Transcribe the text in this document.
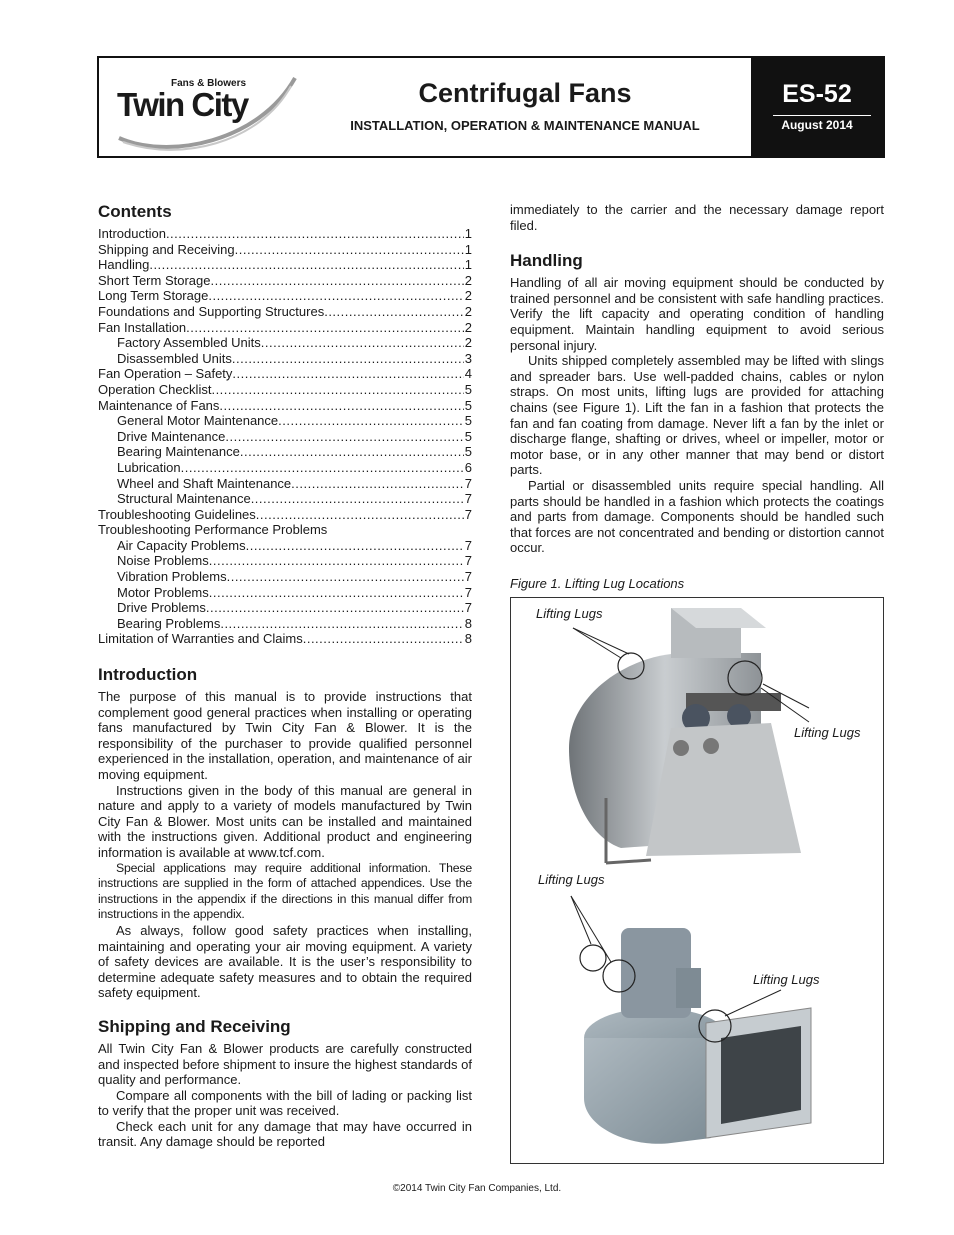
Fans & Blowers
Twin City	Centrifugal Fans
INSTALLATION, OPERATION & MAINTENANCE MANUAL
ES-52
August 2014
Contents
Introduction .....	1
Shipping and Receiving .....	1
Handling .....	1
Short Term Storage .....	2
Long Term Storage .....	2
Foundations and Supporting Structures .....	2
Fan Installation .....	2
Factory Assembled Units .....	2
Disassembled Units .....	3
Fan Operation – Safety .....	4
Operation Checklist .....	5
Maintenance of Fans .....	5
General Motor Maintenance .....	5
Drive Maintenance .....	5
Bearing Maintenance .....	5
Lubrication .....	6
Wheel and Shaft Maintenance .....	7
Structural Maintenance .....	7
Troubleshooting Guidelines .....	7
Troubleshooting Performance Problems
Air Capacity Problems .....	7
Noise Problems .....	7
Vibration Problems .....	7
Motor Problems .....	7
Drive Problems .....	7
Bearing Problems .....	8
Limitation of Warranties and Claims .....	8
Introduction

The purpose of this manual is to provide instructions that complement good general practices when installing or operating fans manufactured by Twin City Fan & Blower. It is the responsibility of the purchaser to provide qualified personnel experienced in the installation, operation, and maintenance of air moving equipment.

Instructions given in the body of this manual are general in nature and apply to a variety of models manufactured by Twin City Fan & Blower. Most units can be installed and maintained with the instructions given. Additional product and engineering information is available at www.tcf.com.

Special applications may require additional information. These instructions are supplied in the form of attached appendices. Use the instructions in the appendix if the directions in this manual differ from instructions in the appendix.

As always, follow good safety practices when installing, maintaining and operating your air moving equipment. A variety of safety devices are available. It is the user’s responsibility to determine adequate safety measures and to obtain the required safety equipment.

Shipping and Receiving

All Twin City Fan & Blower products are carefully constructed and inspected before shipment to insure the highest standards of quality and performance.

Compare all components with the bill of lading or packing list to verify that the proper unit was received.

Check each unit for any damage that may have occurred in transit. Any damage should be reported

immediately to the carrier and the necessary damage report filed.

Handling

Handling of all air moving equipment should be conducted by trained personnel and be consistent with safe handling practices. Verify the lift capacity and operating condition of handling equipment. Maintain handling equipment to avoid serious personal injury.

Units shipped completely assembled may be lifted with slings and spreader bars. Use well-padded chains, cables or nylon straps. On most units, lifting lugs are provided for attaching chains (see Figure 1). Lift the fan in a fashion that protects the fan and fan coating from damage. Never lift a fan by the inlet or discharge flange, shafting or drives, wheel or impeller, motor or motor base, or in any other manner that may bend or distort parts.

Partial or disassembled units require special handling. All parts should be handled in a fashion which protects the coatings and parts from damage. Components should be handled such that forces are not concentrated and bending or distortion cannot occur.

Figure 1. Lifting Lug Locations
Lifting Lugs
Lifting Lugs
Lifting Lugs
Lifting Lugs
©2014 Twin City Fan Companies, Ltd.
